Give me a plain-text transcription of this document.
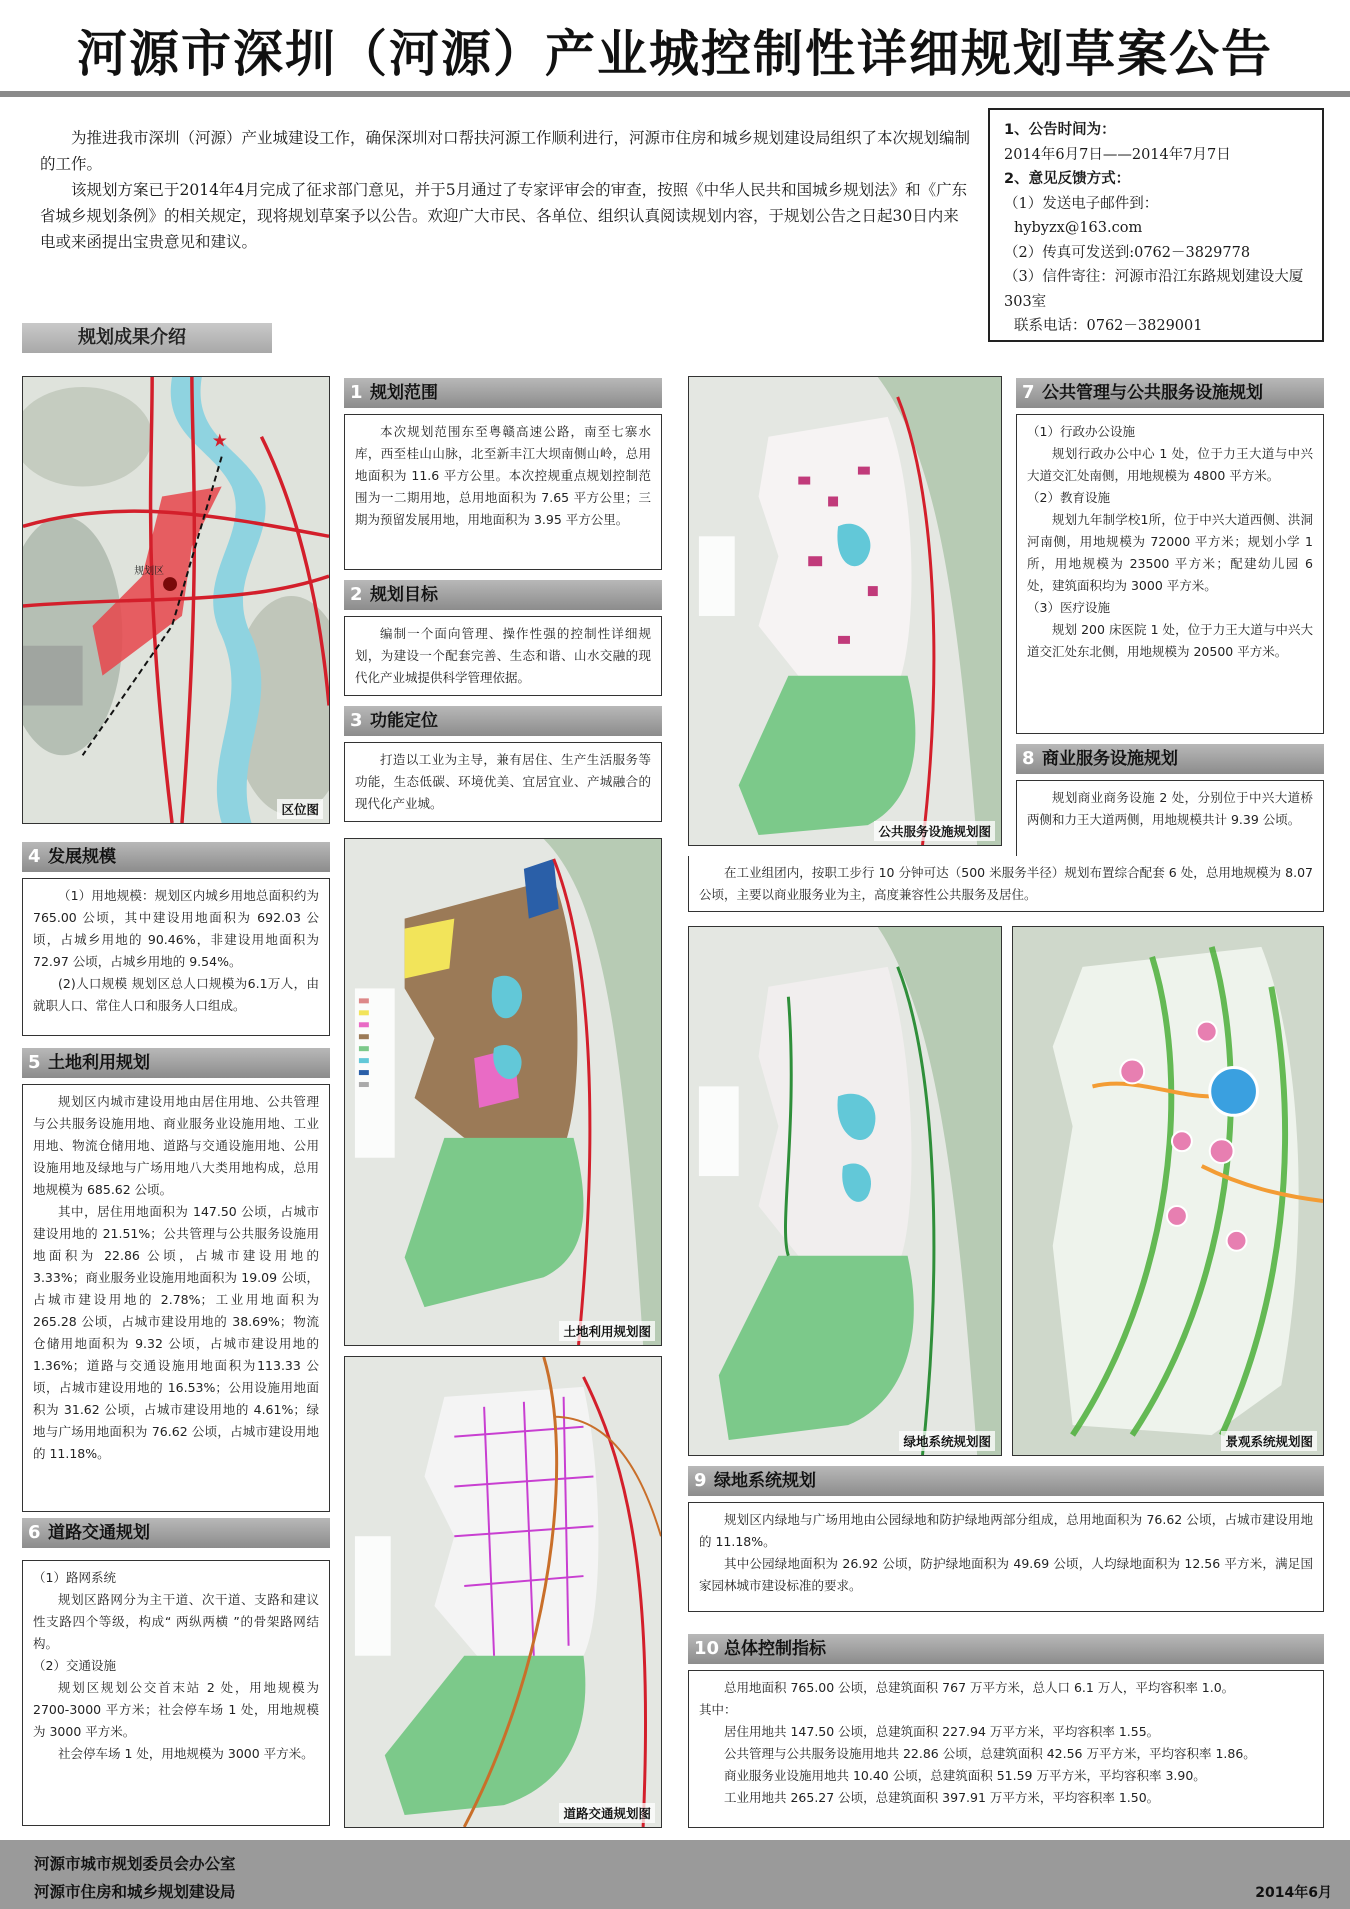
河源市深圳（河源）产业城控制性详细规划草案公告

为推进我市深圳（河源）产业城建设工作，确保深圳对口帮扶河源工作顺利进行，河源市住房和城乡规划建设局组织了本次规划编制的工作。

该规划方案已于2014年4月完成了征求部门意见，并于5月通过了专家评审会的审查，按照《中华人民共和国城乡规划法》和《广东省城乡规划条例》的相关规定，现将规划草案予以公告。欢迎广大市民、各单位、组织认真阅读规划内容，于规划公告之日起30日内来电或来函提出宝贵意见和建议。

1、公告时间为：
2014年6月7日——2014年7月7日
2、意见反馈方式：
（1）发送电子邮件到：
hybyzx@163.com
（2）传真可发送到:0762－3829778
（3）信件寄往：河源市沿江东路规划建设大厦 303室
联系电话：0762－3829001
规划成果介绍
★
规划区
区位图
1 规划范围

本次规划范围东至粤赣高速公路，南至七寨水库，西至桂山山脉，北至新丰江大坝南侧山岭，总用地面积为 11.6 平方公里。本次控规重点规划控制范围为一二期用地，总用地面积为 7.65 平方公里；三期为预留发展用地，用地面积为 3.95 平方公里。

2 规划目标

编制一个面向管理、操作性强的控制性详细规划，为建设一个配套完善、生态和谐、山水交融的现代化产业城提供科学管理依据。

3 功能定位

打造以工业为主导，兼有居住、生产生活服务等功能，生态低碳、环境优美、宜居宜业、产城融合的现代化产业城。

4 发展规模

（1）用地规模：规划区内城乡用地总面积约为 765.00 公顷，其中建设用地面积为 692.03 公顷，占城乡用地的 90.46%，非建设用地面积为 72.97 公顷，占城乡用地的 9.54%。

(2)人口规模 规划区总人口规模为6.1万人，由就职人口、常住人口和服务人口组成。

5 土地利用规划

规划区内城市建设用地由居住用地、公共管理与公共服务设施用地、商业服务业设施用地、工业用地、物流仓储用地、道路与交通设施用地、公用设施用地及绿地与广场用地八大类用地构成，总用地规模为 685.62 公顷。

其中，居住用地面积为 147.50 公顷，占城市建设用地的 21.51%；公共管理与公共服务设施用地面积为 22.86 公顷，占城市建设用地的 3.33%；商业服务业设施用地面积为 19.09 公顷，占城市建设用地的 2.78%；工业用地面积为 265.28 公顷，占城市建设用地的 38.69%；物流仓储用地面积为 9.32 公顷，占城市建设用地的 1.36%；道路与交通设施用地面积为113.33 公顷，占城市建设用地的 16.53%；公用设施用地面积为 31.62 公顷，占城市建设用地的 4.61%；绿地与广场用地面积为 76.62 公顷，占城市建设用地的 11.18%。

6 道路交通规划
（1）路网系统

规划区路网分为主干道、次干道、支路和建议性支路四个等级，构成“ 两纵两横 ”的骨架路网结构。

（2）交通设施

规划区规划公交首末站 2 处，用地规模为 2700-3000 平方米；社会停车场 1 处，用地规模为 3000 平方米。

社会停车场 1 处，用地规模为 3000 平方米。

土地利用规划图
道路交通规划图
公共服务设施规划图
7 公共管理与公共服务设施规划
（1）行政办公设施

规划行政办公中心 1 处，位于力王大道与中兴大道交汇处南侧，用地规模为 4800 平方米。

（2）教育设施

规划九年制学校1所，位于中兴大道西侧、洪洞河南侧，用地规模为 72000 平方米；规划小学 1 所，用地规模为 23500 平方米；配建幼儿园 6 处，建筑面积均为 3000 平方米。

（3）医疗设施

规划 200 床医院 1 处，位于力王大道与中兴大道交汇处东北侧，用地规模为 20500 平方米。

8 商业服务设施规划

规划商业商务设施 2 处，分别位于中兴大道桥两侧和力王大道两侧，用地规模共计 9.39 公顷。

在工业组团内，按职工步行 10 分钟可达（500 米服务半径）规划布置综合配套 6 处，总用地规模为 8.07 公顷，主要以商业服务业为主，高度兼容性公共服务及居住。

绿地系统规划图	景观系统规划图
9 绿地系统规划

规划区内绿地与广场用地由公园绿地和防护绿地两部分组成，总用地面积为 76.62 公顷，占城市建设用地的 11.18%。

其中公园绿地面积为 26.92 公顷，防护绿地面积为 49.69 公顷，人均绿地面积为 12.56 平方米，满足国家园林城市建设标准的要求。

10 总体控制指标

总用地面积 765.00 公顷，总建筑面积 767 万平方米，总人口 6.1 万人，平均容积率 1.0。

其中：

居住用地共 147.50 公顷，总建筑面积 227.94 万平方米，平均容积率 1.55。

公共管理与公共服务设施用地共 22.86 公顷，总建筑面积 42.56 万平方米，平均容积率 1.86。

商业服务业设施用地共 10.40 公顷，总建筑面积 51.59 万平方米，平均容积率 3.90。

工业用地共 265.27 公顷，总建筑面积 397.91 万平方米，平均容积率 1.50。

河源市城市规划委员会办公室
河源市住房和城乡规划建设局	2014年6月
